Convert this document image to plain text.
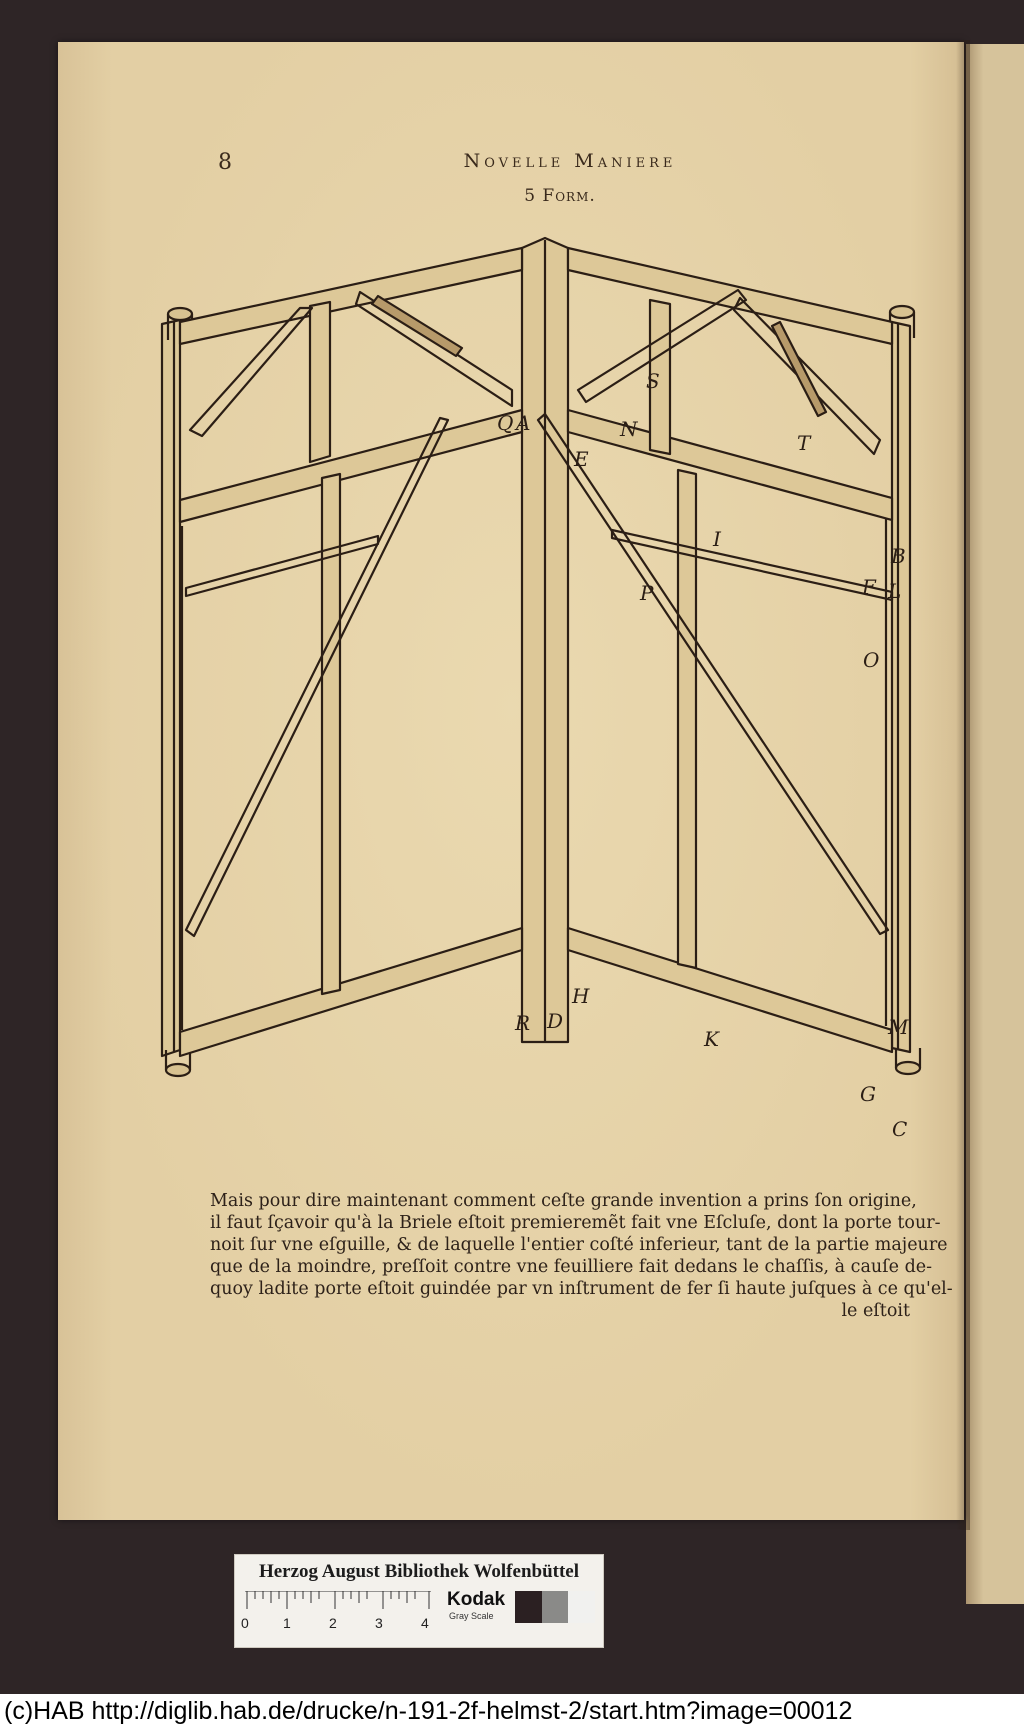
8	Novelle Maniere
5 Form.
Q A
E
N
S
T
I
B
F L
P
O
H
R D
K	M
G
C
Mais pour dire maintenant comment ceſte grande invention a prins ſon origine,
il faut ſçavoir qu'à la Briele eſtoit premieremẽt fait vne Eſcluſe, dont la porte tour-
noit ſur vne eſguille, & de laquelle l'entier coſté inferieur, tant de la partie majeure
que de la moindre, preſſoit contre vne feuilliere fait dedans le chaſſis, à cauſe de-
quoy ladite porte eſtoit guindée par vn inſtrument de fer ſi haute juſques à ce qu'el-
le eſtoit
Herzog August Bibliothek Wolfenbüttel
0 1	2	3	4
Kodak
Gray Scale
(c)HAB http://diglib.hab.de/drucke/n-191-2f-helmst-2/start.htm?image=00012
